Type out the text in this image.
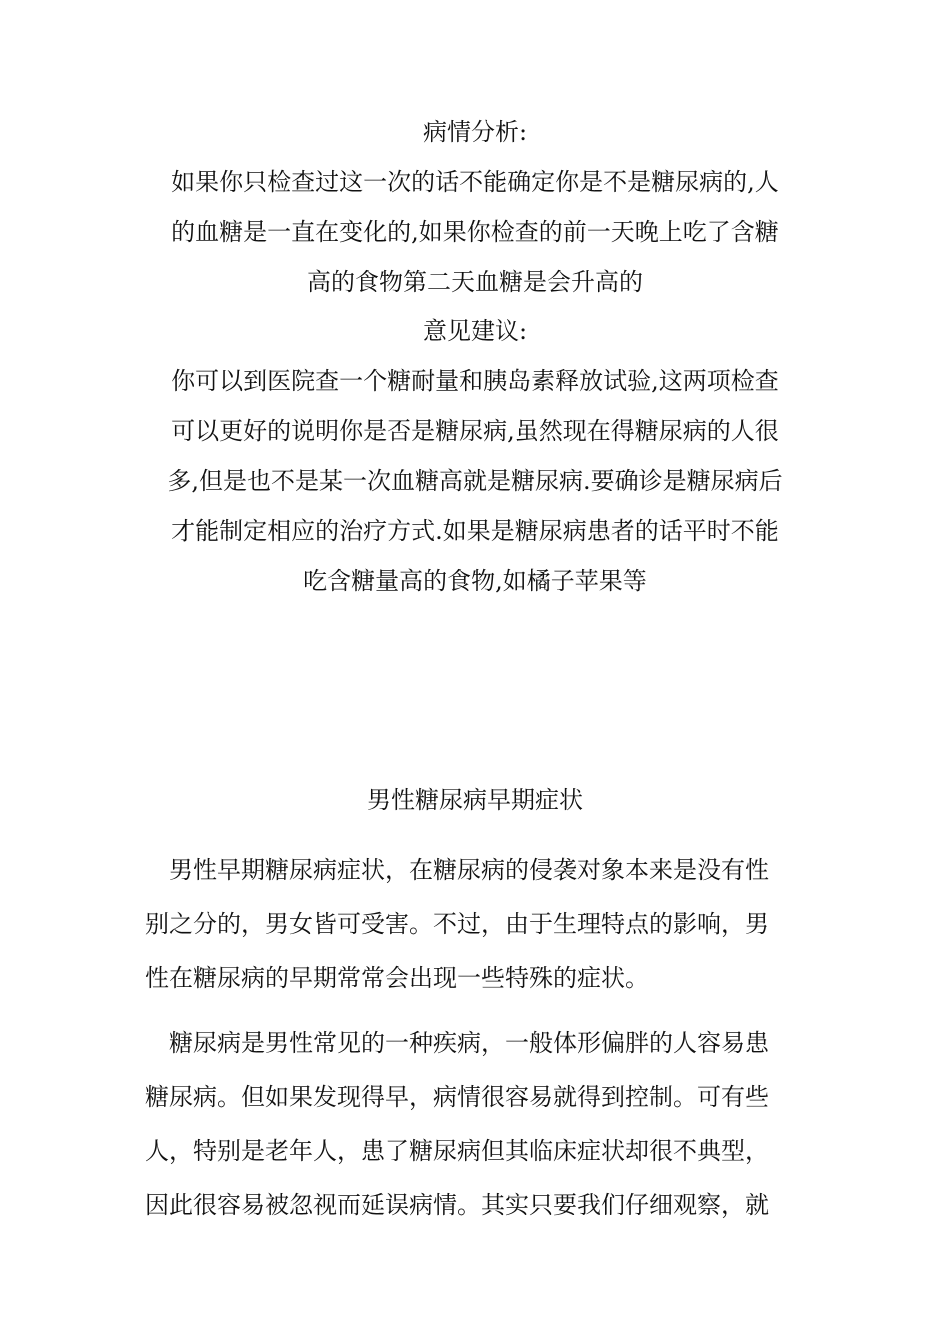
病情分析:
如果你只检查过这一次的话不能确定你是不是糖尿病的,人
的血糖是一直在变化的,如果你检查的前一天晚上吃了含糖
高的食物第二天血糖是会升高的
意见建议:
你可以到医院查一个糖耐量和胰岛素释放试验,这两项检查
可以更好的说明你是否是糖尿病,虽然现在得糖尿病的人很
多,但是也不是某一次血糖高就是糖尿病.要确诊是糖尿病后
才能制定相应的治疗方式.如果是糖尿病患者的话平时不能
吃含糖量高的食物,如橘子苹果等
男性糖尿病早期症状
男性早期糖尿病症状，在糖尿病的侵袭对象本来是没有性
别之分的，男女皆可受害。不过，由于生理特点的影响，男
性在糖尿病的早期常常会出现一些特殊的症状。
糖尿病是男性常见的一种疾病，一般体形偏胖的人容易患
糖尿病。但如果发现得早，病情很容易就得到控制。可有些
人，特别是老年人，患了糖尿病但其临床症状却很不典型，
因此很容易被忽视而延误病情。其实只要我们仔细观察，就
